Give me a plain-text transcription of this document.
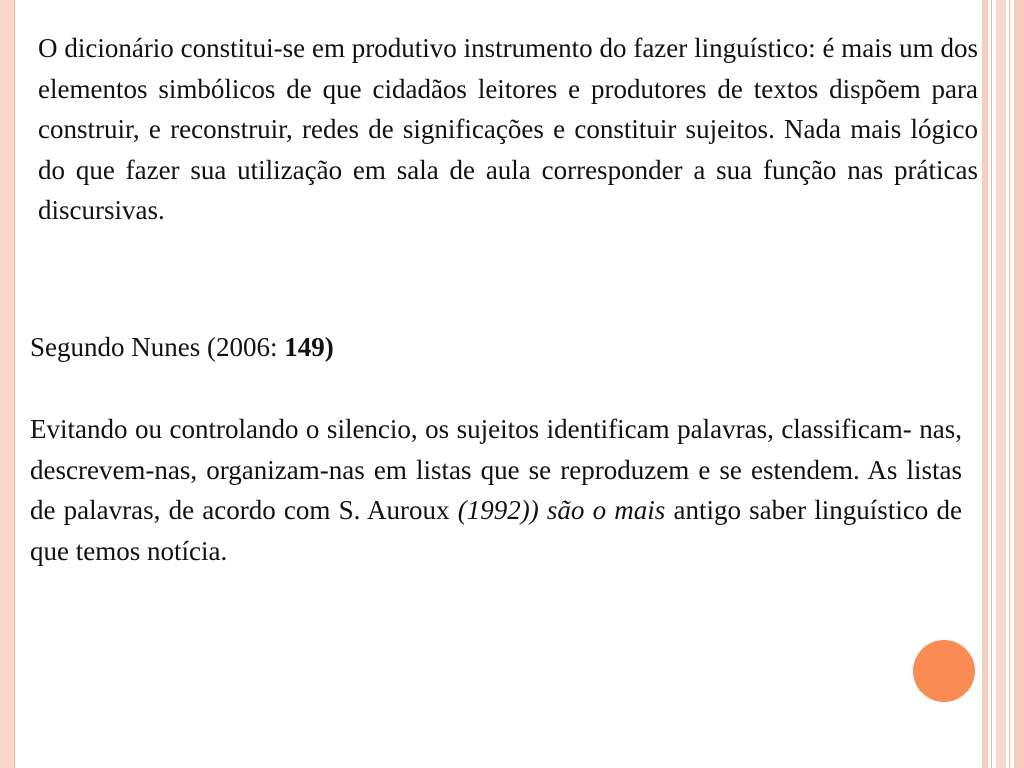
O dicionário constitui-se em produtivo instrumento do fazer linguístico: é mais um dos elementos simbólicos de que cidadãos leitores e produtores de textos dispõem para construir, e reconstruir, redes de significações e constituir sujeitos. Nada mais lógico do que fazer sua utilização em sala de aula corresponder a sua função nas práticas discursivas.

Segundo Nunes (2006: 149)

Evitando ou controlando o silencio, os sujeitos identificam palavras, classificam- nas, descrevem-nas, organizam-nas em listas que se reproduzem e se estendem. As listas de palavras, de acordo com S. Auroux (1992)) são o mais antigo saber linguístico de que temos notícia.
